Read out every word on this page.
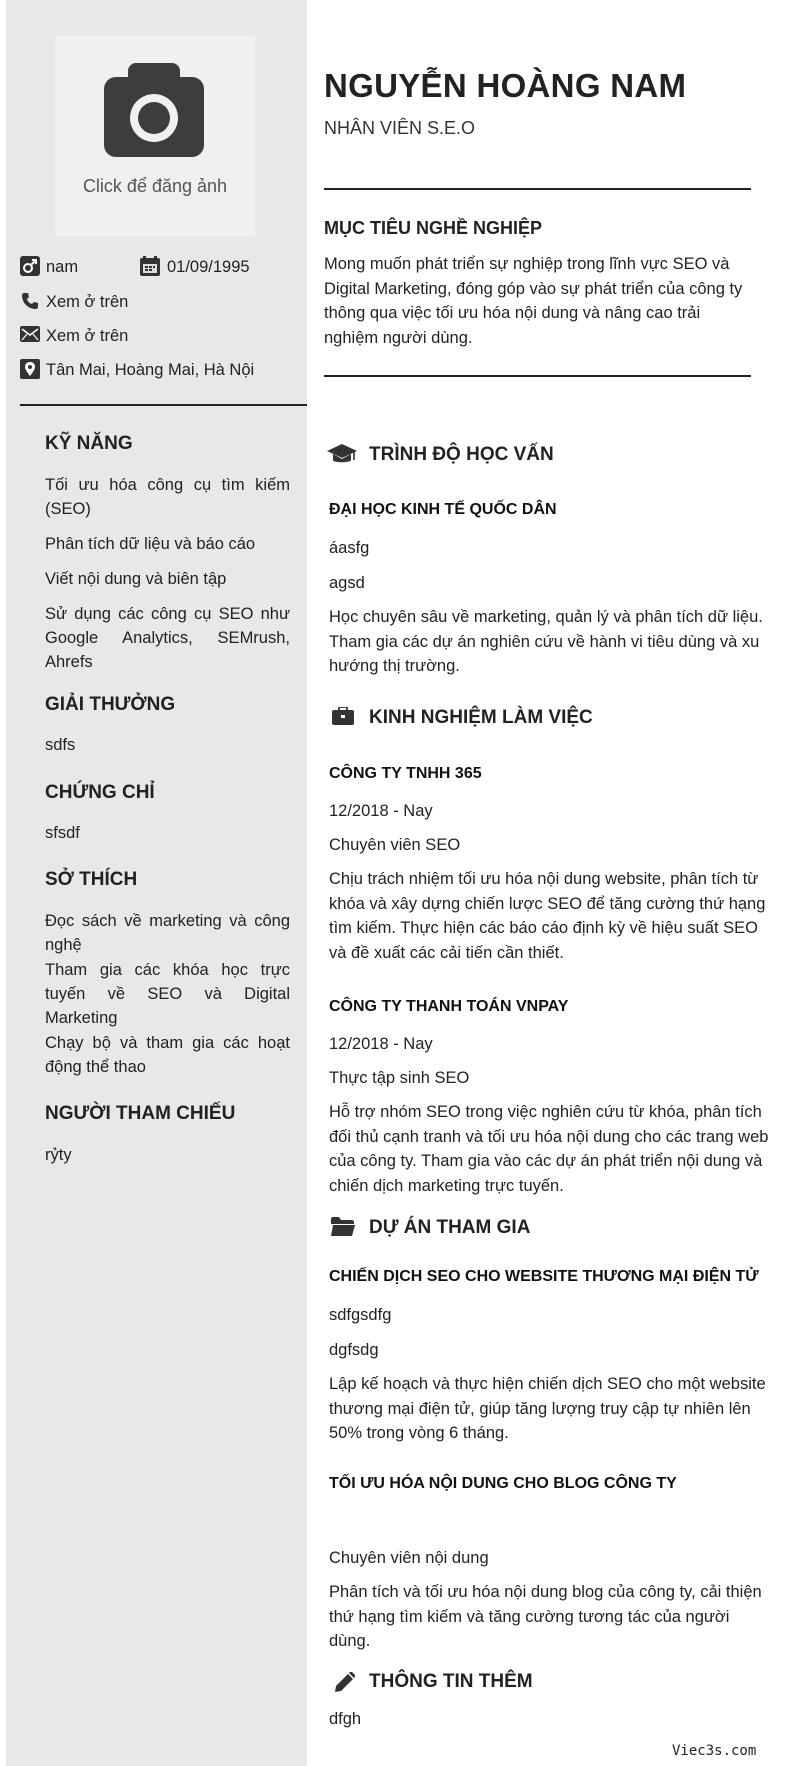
Click để đăng ảnh
nam	01/09/1995
Xem ở trên
Xem ở trên
Tân Mai, Hoàng Mai, Hà Nội
KỸ NĂNG
Tối ưu hóa công cụ tìm kiếm (SEO)
Phân tích dữ liệu và báo cáo
Viết nội dung và biên tập
Sử dụng các công cụ SEO như Google Analytics, SEMrush, Ahrefs
GIẢI THƯỞNG
sdfs
CHỨNG CHỈ
sfsdf
SỞ THÍCH
Đọc sách về marketing và công nghệ
Tham gia các khóa học trực tuyến về SEO và Digital Marketing
Chạy bộ và tham gia các hoạt động thể thao
NGƯỜI THAM CHIẾU
rỷty
NGUYỄN HOÀNG NAM
NHÂN VIÊN S.E.O
MỤC TIÊU NGHỀ NGHIỆP
Mong muốn phát triển sự nghiệp trong lĩnh vực SEO và Digital Marketing, đóng góp vào sự phát triển của công ty thông qua việc tối ưu hóa nội dung và nâng cao trải nghiệm người dùng.
TRÌNH ĐỘ HỌC VẤN
ĐẠI HỌC KINH TẾ QUỐC DÂN
áasfg
agsd
Học chuyên sâu về marketing, quản lý và phân tích dữ liệu. Tham gia các dự án nghiên cứu về hành vi tiêu dùng và xu hướng thị trường.
KINH NGHIỆM LÀM VIỆC
CÔNG TY TNHH 365
12/2018 - Nay
Chuyên viên SEO
Chịu trách nhiệm tối ưu hóa nội dung website, phân tích từ khóa và xây dựng chiến lược SEO để tăng cường thứ hạng tìm kiếm. Thực hiện các báo cáo định kỳ về hiệu suất SEO và đề xuất các cải tiến cần thiết.
CÔNG TY THANH TOÁN VNPAY
12/2018 - Nay
Thực tập sinh SEO
Hỗ trợ nhóm SEO trong việc nghiên cứu từ khóa, phân tích đối thủ cạnh tranh và tối ưu hóa nội dung cho các trang web của công ty. Tham gia vào các dự án phát triển nội dung và chiến dịch marketing trực tuyến.
DỰ ÁN THAM GIA
CHIẾN DỊCH SEO CHO WEBSITE THƯƠNG MẠI ĐIỆN TỬ
sdfgsdfg
dgfsdg
Lập kế hoạch và thực hiện chiến dịch SEO cho một website thương mại điện tử, giúp tăng lượng truy cập tự nhiên lên 50% trong vòng 6 tháng.
TỐI ƯU HÓA NỘI DUNG CHO BLOG CÔNG TY
Chuyên viên nội dung
Phân tích và tối ưu hóa nội dung blog của công ty, cải thiện thứ hạng tìm kiếm và tăng cường tương tác của người dùng.
THÔNG TIN THÊM
dfgh
Viec3s.com
